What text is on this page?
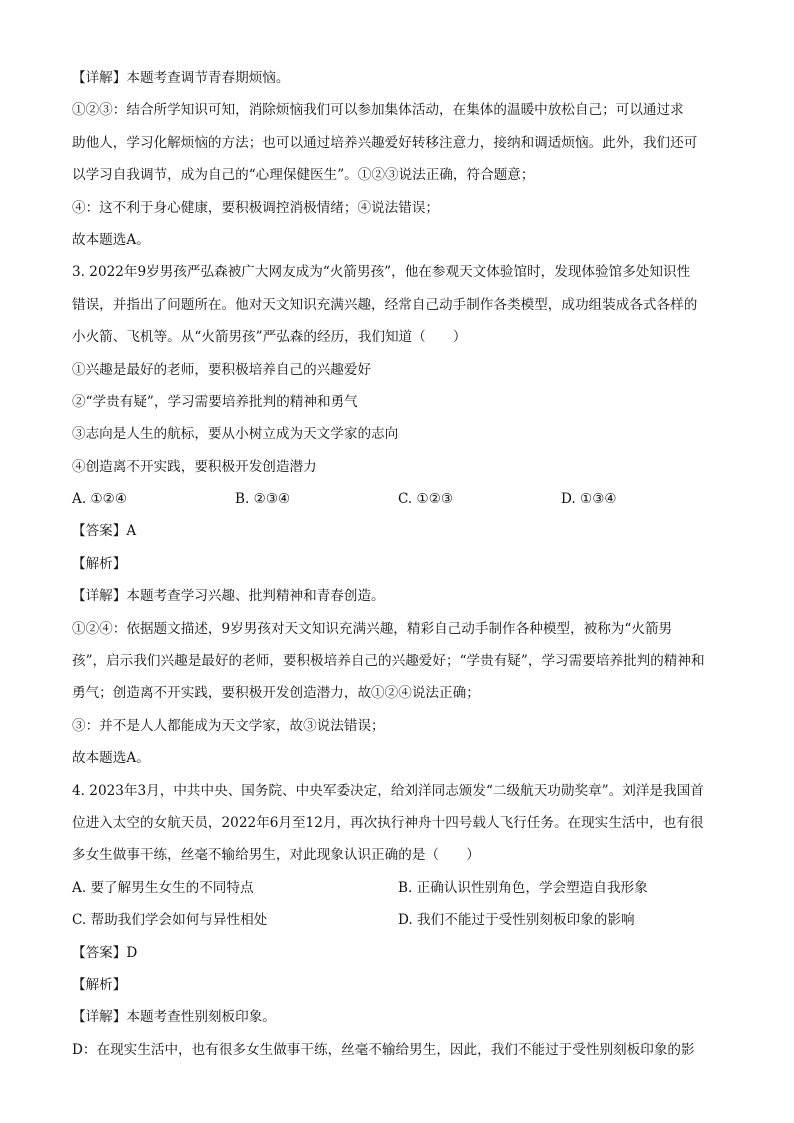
【详解】本题考查调节青春期烦恼。
①②③：结合所学知识可知，消除烦恼我们可以参加集体活动，在集体的温暖中放松自己；可以通过求
助他人，学习化解烦恼的方法；也可以通过培养兴趣爱好转移注意力，接纳和调适烦恼。此外，我们还可
以学习自我调节，成为自己的“心理保健医生”。①②③说法正确，符合题意；
④：这不利于身心健康，要积极调控消极情绪；④说法错误；
故本题选A。
3. 2022年9岁男孩严弘森被广大网友成为“火箭男孩”，他在参观天文体验馆时，发现体验馆多处知识性
错误，并指出了问题所在。他对天文知识充满兴趣，经常自己动手制作各类模型，成功组装成各式各样的
小火箭、飞机等。从“火箭男孩”严弘森的经历，我们知道（　　）
①兴趣是最好的老师，要积极培养自己的兴趣爱好
②“学贵有疑”，学习需要培养批判的精神和勇气
③志向是人生的航标，要从小树立成为天文学家的志向
④创造离不开实践，要积极开发创造潜力
A. ①②④	B. ②③④	C. ①②③	D. ①③④
【答案】A
【解析】
【详解】本题考查学习兴趣、批判精神和青春创造。
①②④：依据题文描述，9岁男孩对天文知识充满兴趣，精彩自己动手制作各种模型，被称为“火箭男
孩”，启示我们兴趣是最好的老师，要积极培养自己的兴趣爱好；“学贵有疑”，学习需要培养批判的精神和
勇气；创造离不开实践，要积极开发创造潜力，故①②④说法正确；
③：并不是人人都能成为天文学家，故③说法错误；
故本题选A。
4. 2023年3月，中共中央、国务院、中央军委决定，给刘洋同志颁发“二级航天功勋奖章”。刘洋是我国首
位进入太空的女航天员，2022年6月至12月，再次执行神舟十四号载人飞行任务。在现实生活中，也有很
多女生做事干练，丝毫不输给男生，对此现象认识正确的是（　　）
A. 要了解男生女生的不同特点	B. 正确认识性别角色，学会塑造自我形象
C. 帮助我们学会如何与异性相处	D. 我们不能过于受性别刻板印象的影响
【答案】D
【解析】
【详解】本题考查性别刻板印象。
D：在现实生活中，也有很多女生做事干练，丝毫不输给男生，因此，我们不能过于受性别刻板印象的影
